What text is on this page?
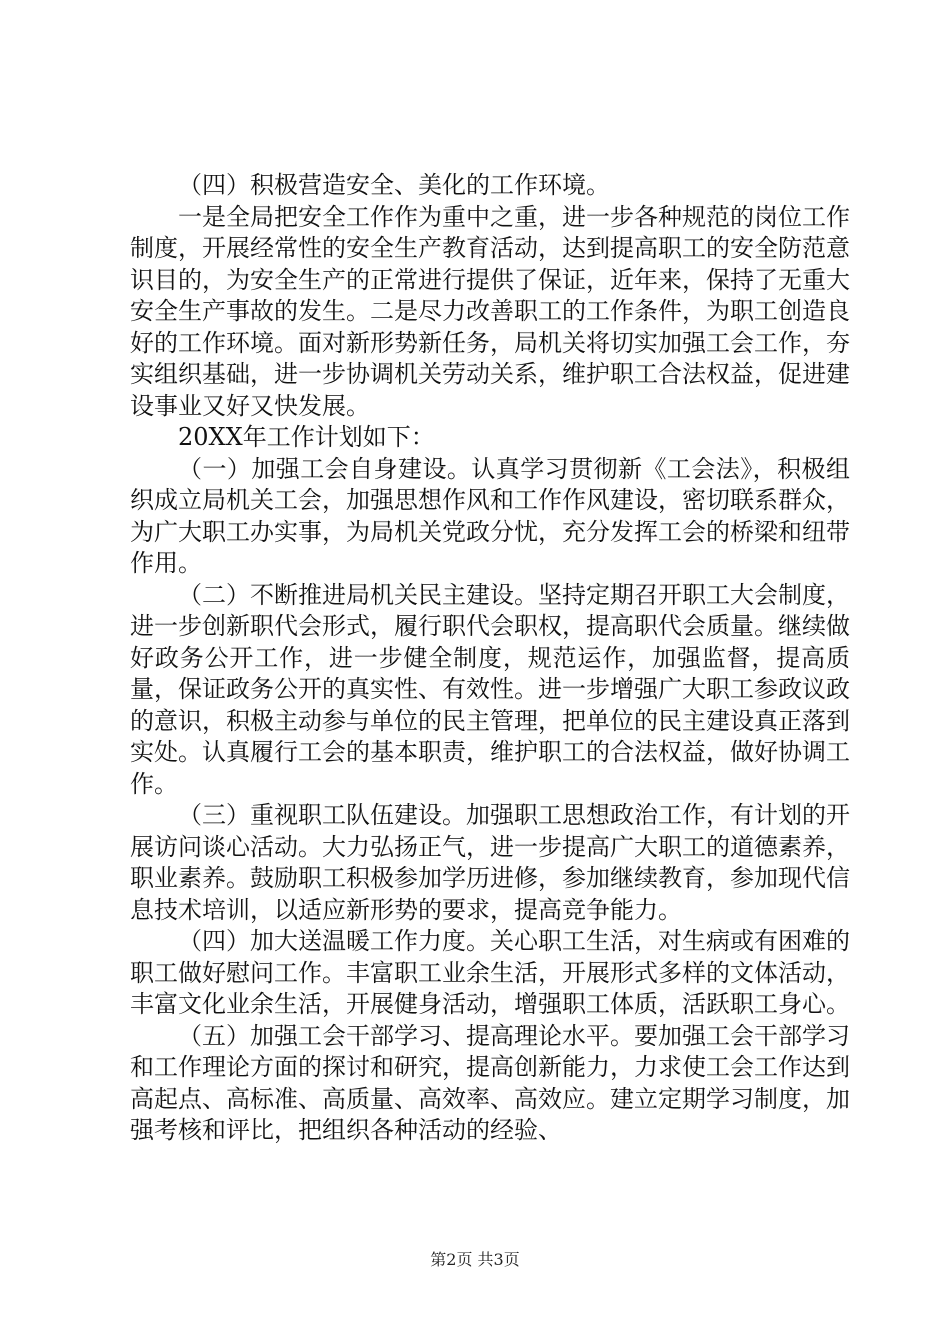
（四）积极营造安全、美化的工作环境。

一是全局把安全工作作为重中之重，进一步各种规范的岗位工作制度，开展经常性的安全生产教育活动，达到提高职工的安全防范意识目的，为安全生产的正常进行提供了保证，近年来，保持了无重大安全生产事故的发生。二是尽力改善职工的工作条件，为职工创造良好的工作环境。面对新形势新任务，局机关将切实加强工会工作，夯实组织基础，进一步协调机关劳动关系，维护职工合法权益，促进建设事业又好又快发展。

20XX年工作计划如下：

（一）加强工会自身建设。认真学习贯彻新《工会法》，积极组织成立局机关工会，加强思想作风和工作作风建设，密切联系群众，为广大职工办实事，为局机关党政分忧，充分发挥工会的桥梁和纽带作用。

（二）不断推进局机关民主建设。坚持定期召开职工大会制度，进一步创新职代会形式，履行职代会职权，提高职代会质量。继续做好政务公开工作，进一步健全制度，规范运作，加强监督，提高质量，保证政务公开的真实性、有效性。进一步增强广大职工参政议政的意识，积极主动参与单位的民主管理，把单位的民主建设真正落到实处。认真履行工会的基本职责，维护职工的合法权益，做好协调工作。

（三）重视职工队伍建设。加强职工思想政治工作，有计划的开展访问谈心活动。大力弘扬正气，进一步提高广大职工的道德素养，职业素养。鼓励职工积极参加学历进修，参加继续教育，参加现代信息技术培训，以适应新形势的要求，提高竞争能力。

（四）加大送温暖工作力度。关心职工生活，对生病或有困难的职工做好慰问工作。丰富职工业余生活，开展形式多样的文体活动，丰富文化业余生活，开展健身活动，增强职工体质，活跃职工身心。

（五）加强工会干部学习、提高理论水平。要加强工会干部学习和工作理论方面的探讨和研究，提高创新能力，力求使工会工作达到高起点、高标准、高质量、高效率、高效应。建立定期学习制度，加强考核和评比，把组织各种活动的经验、

第2页 共3页
